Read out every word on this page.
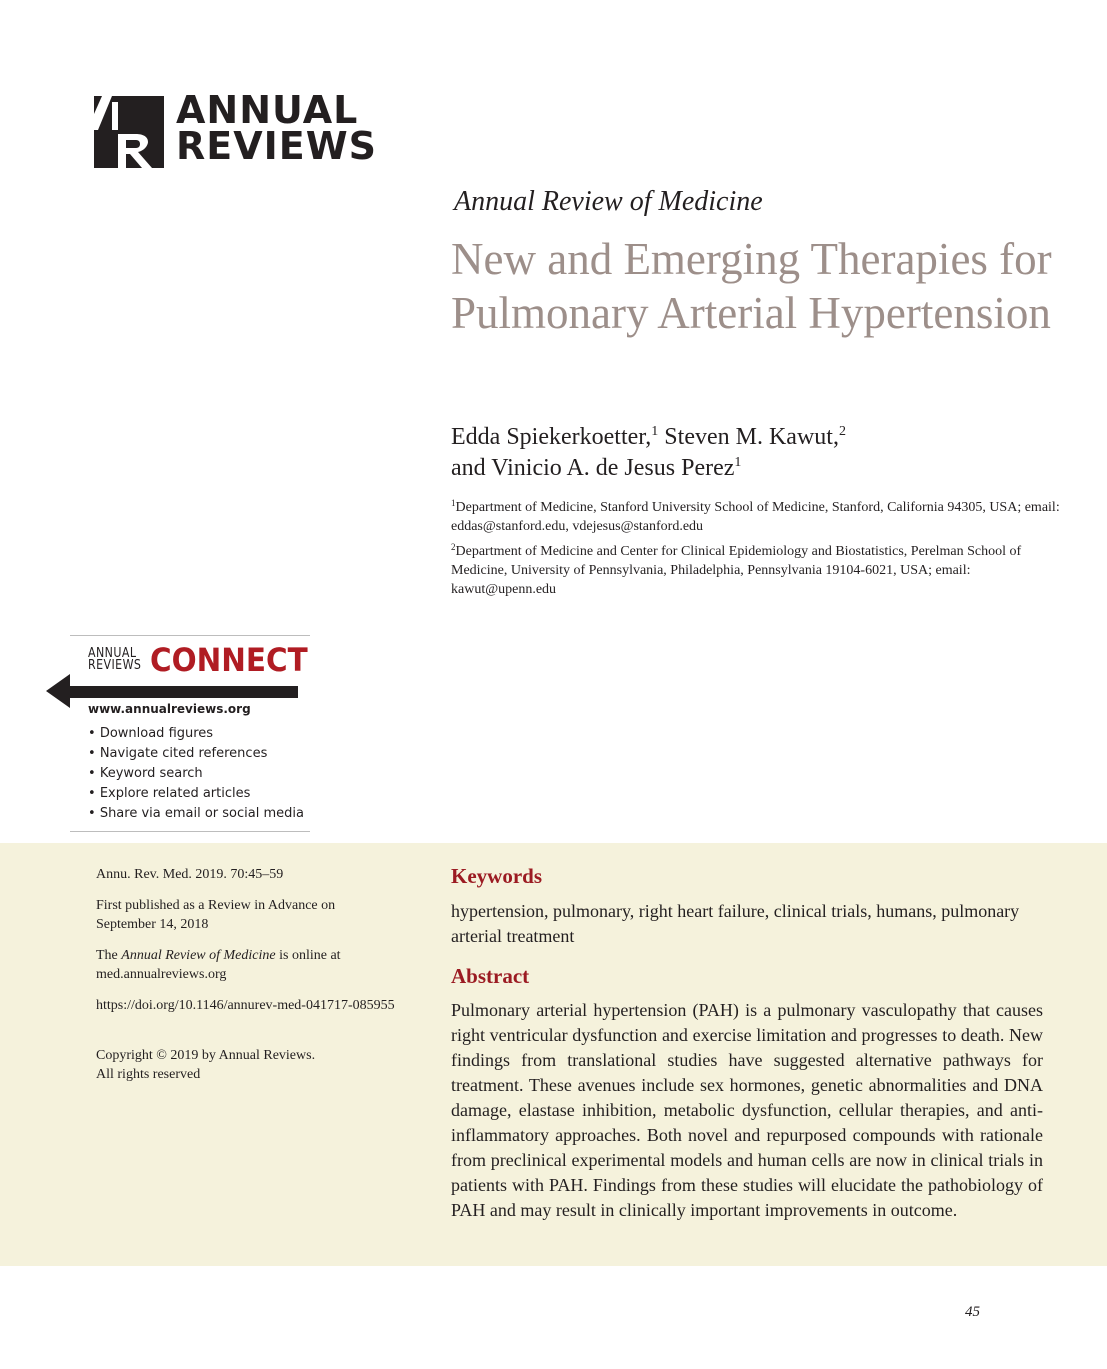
ANNUAL
REVIEWS
Annual Review of Medicine
New and Emerging Therapies for Pulmonary Arterial Hypertension
Edda Spiekerkoetter,$^1$ Steven M. Kawut,$^2$
and Vinicio A. de Jesus Perez$^1$
$^1$Department of Medicine, Stanford University School of Medicine, Stanford, California 94305, USA; email: eddas@stanford.edu, vdejesus@stanford.edu
$^2$Department of Medicine and Center for Clinical Epidemiology and Biostatistics, Perelman School of Medicine, University of Pennsylvania, Philadelphia, Pennsylvania 19104-6021, USA; email: kawut@upenn.edu
ANNUAL
REVIEWS CONNECT
www.annualreviews.org
• Download figures
• Navigate cited references
• Keyword search
• Explore related articles
• Share via email or social media
Annu. Rev. Med. 2019. 70:45–59
First published as a Review in Advance on September 14, 2018
The Annual Review of Medicine is online at med.annualreviews.org
https://doi.org/10.1146/annurev-med-041717-085955
Copyright © 2019 by Annual Reviews.
All rights reserved
Keywords
hypertension, pulmonary, right heart failure, clinical trials, humans, pulmonary arterial treatment
Abstract
Pulmonary arterial hypertension (PAH) is a pulmonary vasculopathy that causes right ventricular dysfunction and exercise limitation and progresses to death. New findings from translational studies have suggested alternative pathways for treatment. These avenues include sex hormones, genetic abnormalities and DNA damage, elastase inhibition, metabolic dysfunction, cellular therapies, and anti-inflammatory approaches. Both novel and repurposed compounds with rationale from preclinical experimental models and human cells are now in clinical trials in patients with PAH. Findings from these studies will elucidate the pathobiology of PAH and may result in clinically important improvements in outcome.
45
